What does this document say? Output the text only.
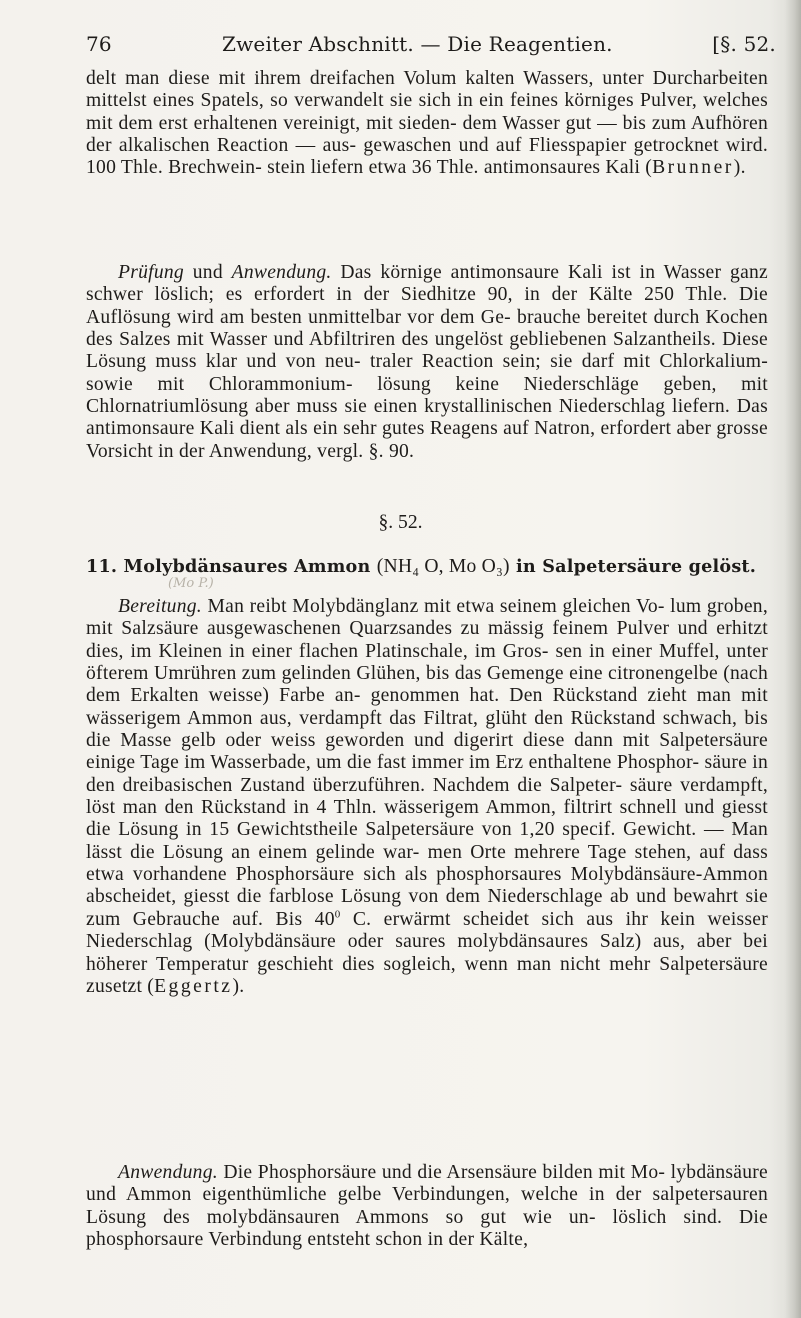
76	Zweiter Abschnitt. — Die Reagentien.	[§. 52.

delt man diese mit ihrem dreifachen Volum kalten Wassers, unter Durcharbeiten mittelst eines Spatels, so verwandelt sie sich in ein feines körniges Pulver, welches mit dem erst erhaltenen vereinigt, mit sieden- dem Wasser gut — bis zum Aufhören der alkalischen Reaction — aus- gewaschen und auf Fliesspapier getrocknet wird. 100 Thle. Brechwein- stein liefern etwa 36 Thle. antimonsaures Kali (Brunner).

Prüfung und Anwendung. Das körnige antimonsaure Kali ist in Wasser ganz schwer löslich; es erfordert in der Siedhitze 90, in der Kälte 250 Thle. Die Auflösung wird am besten unmittelbar vor dem Ge- brauche bereitet durch Kochen des Salzes mit Wasser und Abfiltriren des ungelöst gebliebenen Salzantheils. Diese Lösung muss klar und von neu- traler Reaction sein; sie darf mit Chlorkalium- sowie mit Chlorammonium- lösung keine Niederschläge geben, mit Chlornatriumlösung aber muss sie einen krystallinischen Niederschlag liefern. Das antimonsaure Kali dient als ein sehr gutes Reagens auf Natron, erfordert aber grosse Vorsicht in der Anwendung, vergl. §. 90.

§. 52.
11. Molybdänsaures Ammon (NH₄ O, Mo O₃) in Salpetersäure gelöst.
(Mo P.)

Bereitung. Man reibt Molybdänglanz mit etwa seinem gleichen Vo- lum groben, mit Salzsäure ausgewaschenen Quarzsandes zu mässig feinem Pulver und erhitzt dies, im Kleinen in einer flachen Platinschale, im Gros- sen in einer Muffel, unter öfterem Umrühren zum gelinden Glühen, bis das Gemenge eine citronengelbe (nach dem Erkalten weisse) Farbe an- genommen hat. Den Rückstand zieht man mit wässerigem Ammon aus, verdampft das Filtrat, glüht den Rückstand schwach, bis die Masse gelb oder weiss geworden und digerirt diese dann mit Salpetersäure einige Tage im Wasserbade, um die fast immer im Erz enthaltene Phosphor- säure in den dreibasischen Zustand überzuführen. Nachdem die Salpeter- säure verdampft, löst man den Rückstand in 4 Thln. wässerigem Ammon, filtrirt schnell und giesst die Lösung in 15 Gewichtstheile Salpetersäure von 1,20 specif. Gewicht. — Man lässt die Lösung an einem gelinde war- men Orte mehrere Tage stehen, auf dass etwa vorhandene Phosphorsäure sich als phosphorsaures Molybdänsäure-Ammon abscheidet, giesst die farblose Lösung von dem Niederschlage ab und bewahrt sie zum Gebrauche auf. Bis $40^0$ C. erwärmt scheidet sich aus ihr kein weisser Niederschlag (Molybdänsäure oder saures molybdänsaures Salz) aus, aber bei höherer Temperatur geschieht dies sogleich, wenn man nicht mehr Salpetersäure zusetzt (Eggertz).

Anwendung. Die Phosphorsäure und die Arsensäure bilden mit Mo- lybdänsäure und Ammon eigenthümliche gelbe Verbindungen, welche in der salpetersauren Lösung des molybdänsauren Ammons so gut wie un- löslich sind. Die phosphorsaure Verbindung entsteht schon in der Kälte,
